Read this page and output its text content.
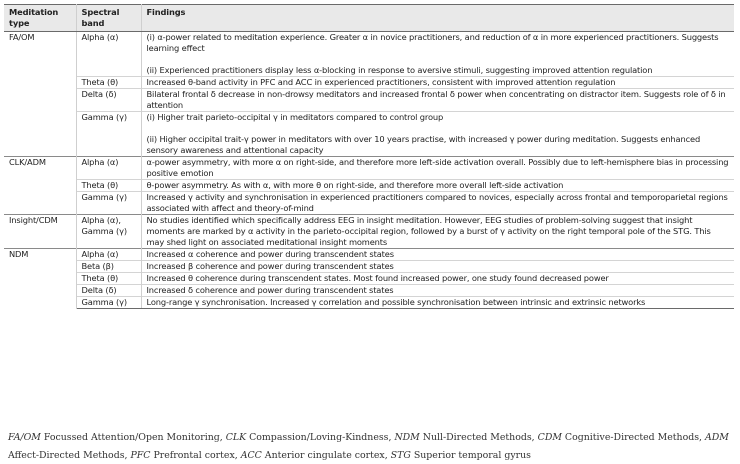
Meditation type	Spectral band	Findings
FA/OM	Alpha (α)	(i) α-power related to meditation experience. Greater α in novice practitioners, and reduction of α in more experienced practitioners. Suggests learning effect
(ii) Experienced practitioners display less α-blocking in response to aversive stimuli, suggesting improved attention regulation

	Theta (θ)	Increased θ-band activity in PFC and ACC in experienced practitioners, consistent with improved attention regulation

	Delta (δ)	Bilateral frontal δ decrease in non-drowsy meditators and increased frontal δ power when concentrating on distractor item. Suggests role of δ in attention

	Gamma (γ)	(i) Higher trait parieto-occipital γ in meditators compared to control group
(ii) Higher occipital trait-γ power in meditators with over 10 years practise, with increased γ power during meditation. Suggests enhanced sensory awareness and attentional capacity

CLK/ADM	Alpha (α)	α-power asymmetry, with more α on right-side, and therefore more left-side activation overall. Possibly due to left-hemisphere bias in processing positive emotion

	Theta (θ)	θ-power asymmetry. As with α, with more θ on right-side, and therefore more overall left-side activation

	Gamma (γ)	Increased γ activity and synchronisation in experienced practitioners compared to novices, especially across frontal and temporoparietal regions associated with affect and theory-of-mind

Insight/CDM	Alpha (α), Gamma (γ)	No studies identified which specifically address EEG in insight meditation. However, EEG studies of problem-solving suggest that insight moments are marked by α activity in the parieto-occipital region, followed by a burst of γ activity on the right temporal pole of the STG. This may shed light on associated meditational insight moments

NDM	Alpha (α)	Increased α coherence and power during transcendent states

	Beta (β)	Increased β coherence and power during transcendent states

	Theta (θ)	Increased θ coherence during transcendent states. Most found increased power, one study found decreased power

	Delta (δ)	Increased δ coherence and power during transcendent states

	Gamma (γ)	Long-range γ synchronisation. Increased γ correlation and possible synchronisation between intrinsic and extrinsic networks

FA/OM Focussed Attention/Open Monitoring, CLK Compassion/Loving-Kindness, NDM Null-Directed Methods, CDM Cognitive-Directed Methods, ADM Affect-Directed Methods, PFC Prefrontal cortex, ACC Anterior cingulate cortex, STG Superior temporal gyrus
